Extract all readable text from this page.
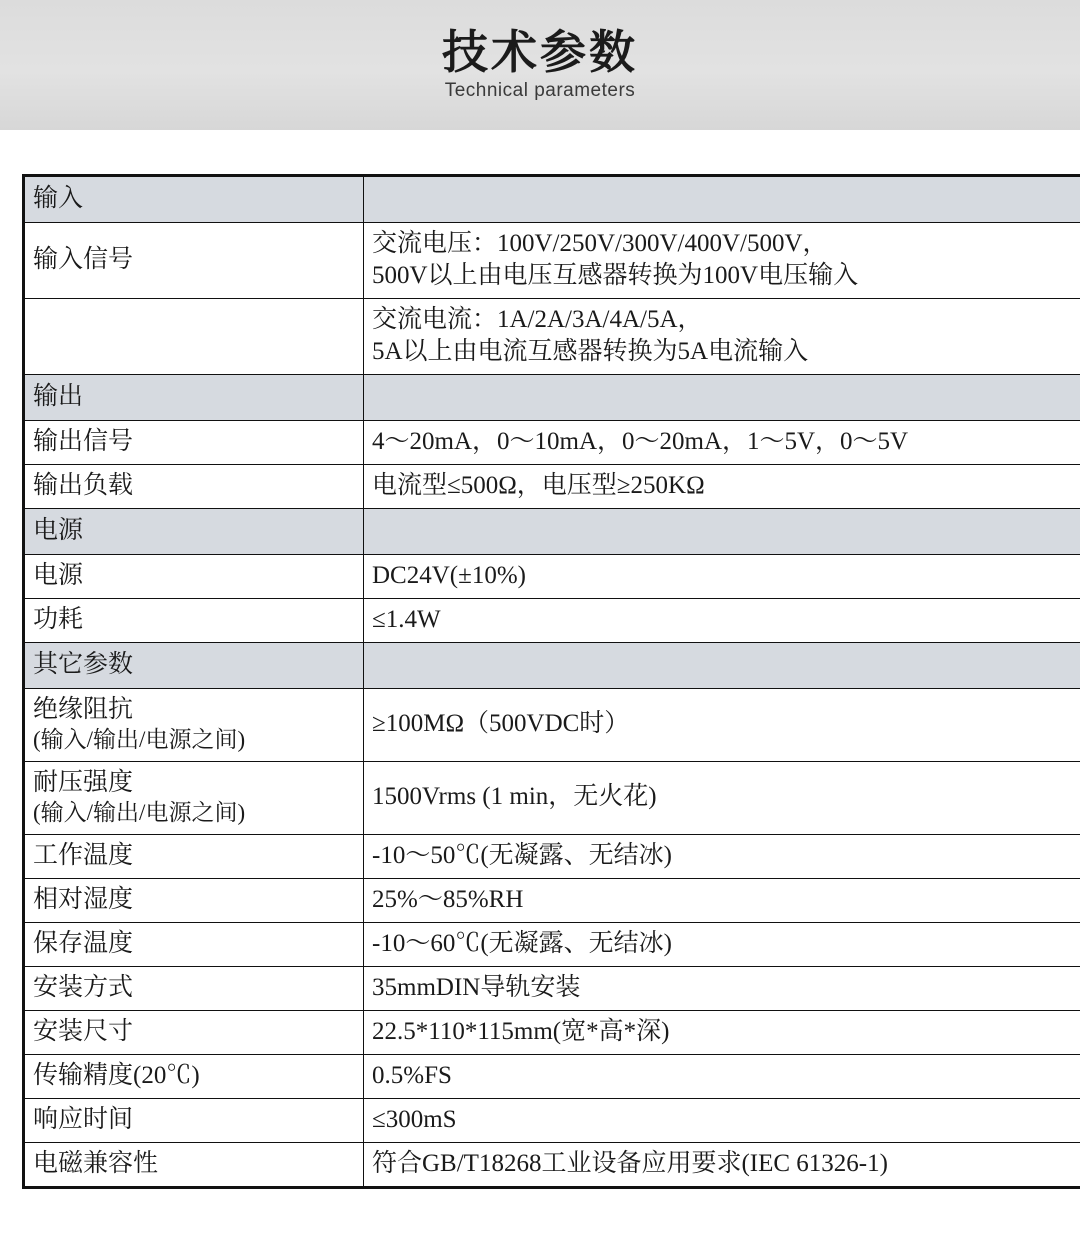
技术参数
Technical parameters
输入	

输入信号	交流电压：100V/250V/300V/400V/500V，
500V以上由电压互感器转换为100V电压输入

	交流电流：1A/2A/3A/4A/5A，
5A以上由电流互感器转换为5A电流输入

输出	

输出信号	4～20mA，0～10mA，0～20mA，1～5V，0～5V

输出负载	电流型≤500Ω，电压型≥250KΩ

电源	

电源	DC24V(±10%)

功耗	≤1.4W

其它参数	

绝缘阻抗
(输入/输出/电源之间)	≥100MΩ（500VDC时）

耐压强度
(输入/输出/电源之间)	1500Vrms (1 min，无火花)

工作温度	-10～50℃(无凝露、无结冰)

相对湿度	25%～85%RH

保存温度	-10～60℃(无凝露、无结冰)

安装方式	35mmDIN导轨安装

安装尺寸	22.5*110*115mm(宽*高*深)

传输精度(20℃)	0.5%FS

响应时间	≤300mS

电磁兼容性	符合GB/T18268工业设备应用要求(IEC 61326-1)
